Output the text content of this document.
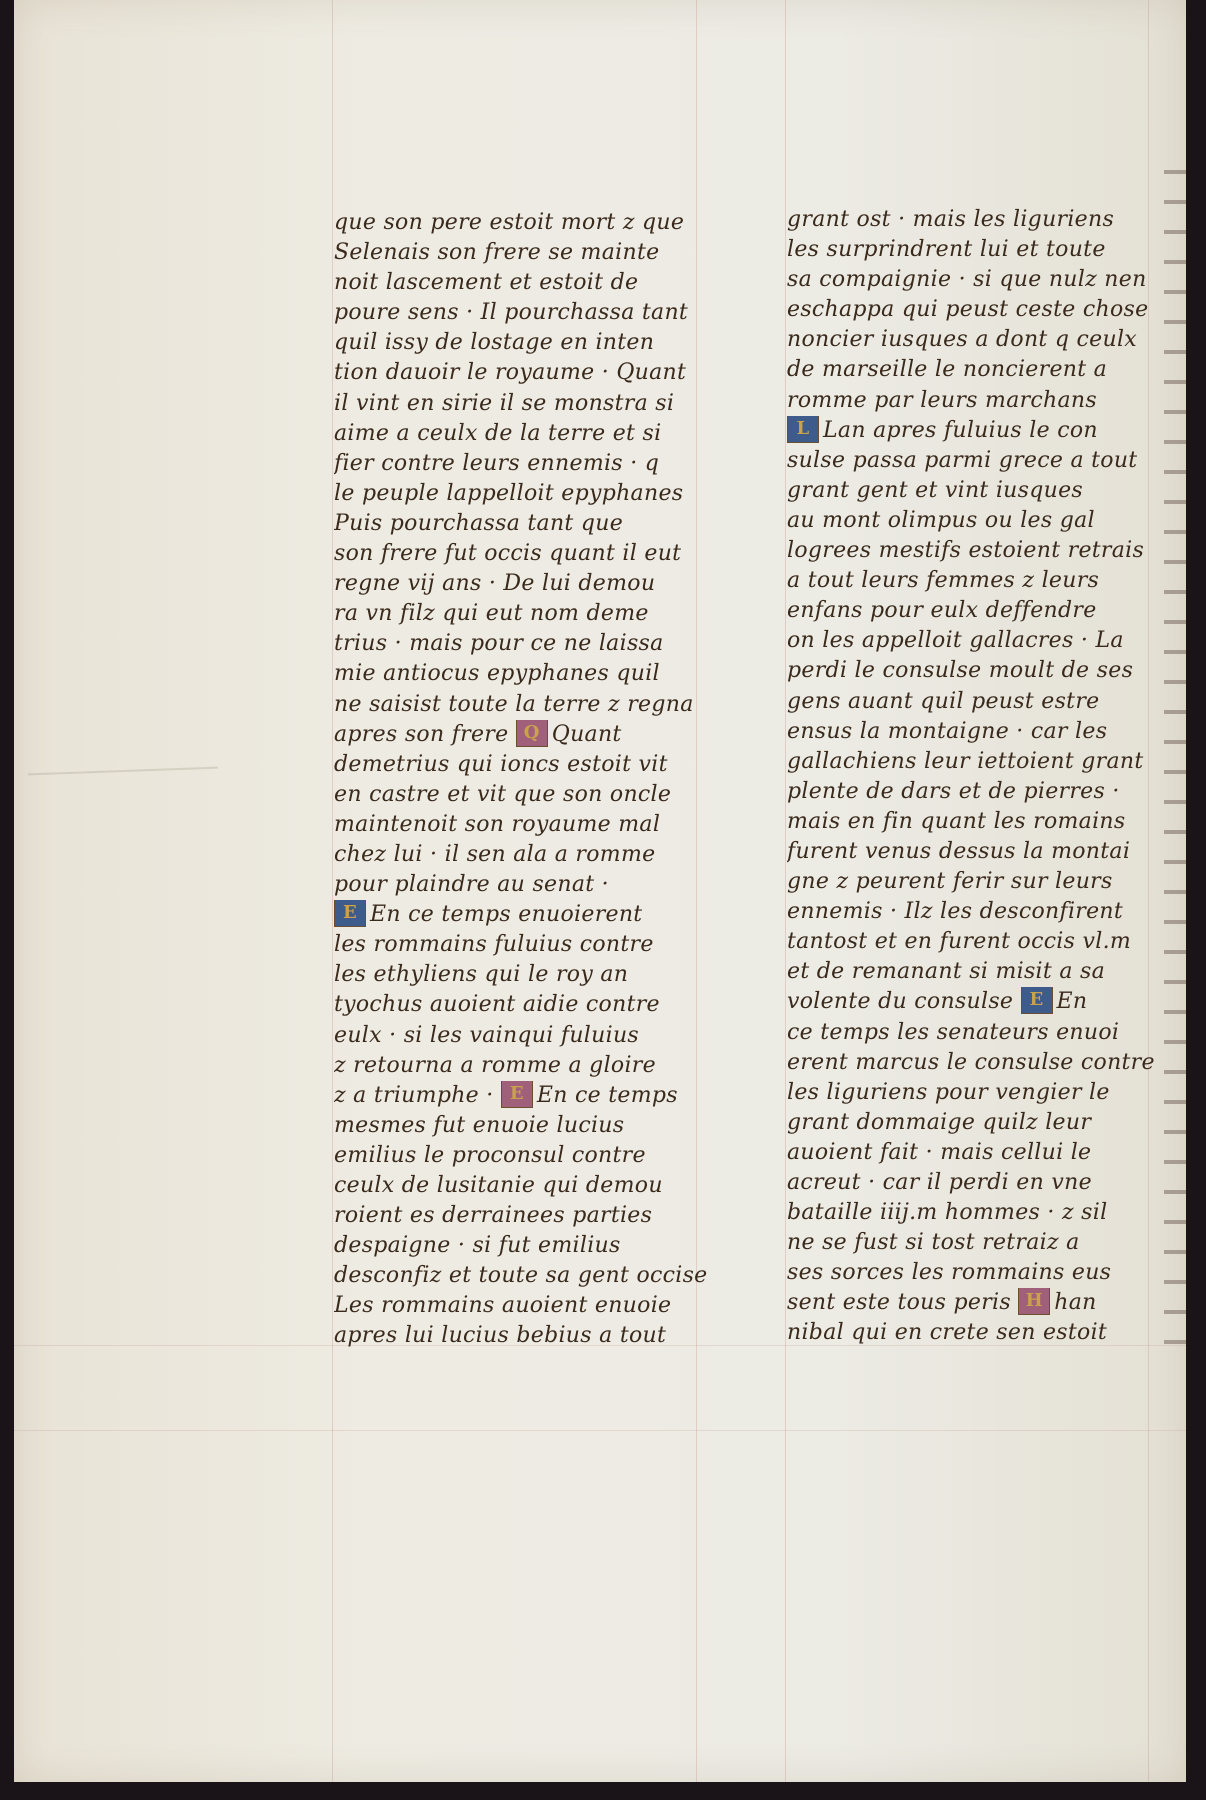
que son pere estoit mort z que
Selenais son frere se mainte
noit lascement et estoit de
poure sens · Il pourchassa tant
quil issy de lostage en inten
tion dauoir le royaume · Quant
il vint en sirie il se monstra si
aime a ceulx de la terre et si
fier contre leurs ennemis · q
le peuple lappelloit epyphanes
Puis pourchassa tant que
son frere fut occis quant il eut
regne vij ans · De lui demou
ra vn filz qui eut nom deme
trius · mais pour ce ne laissa
mie antiocus epyphanes quil
ne saisist toute la terre z regna
apres son frere Q Quant
demetrius qui ioncs estoit vit
en castre et vit que son oncle
maintenoit son royaume mal
chez lui · il sen ala a romme
pour plaindre au senat ·
E En ce temps enuoierent
les rommains fuluius contre
les ethyliens qui le roy an
tyochus auoient aidie contre
eulx · si les vainqui fuluius
z retourna a romme a gloire
z a triumphe · E En ce temps
mesmes fut enuoie lucius
emilius le proconsul contre
ceulx de lusitanie qui demou
roient es derrainees parties
despaigne · si fut emilius
desconfiz et toute sa gent occise
Les rommains auoient enuoie
apres lui lucius bebius a tout
grant ost · mais les liguriens
les surprindrent lui et toute
sa compaignie · si que nulz nen
eschappa qui peust ceste chose
noncier iusques a dont q ceulx
de marseille le noncierent a
romme par leurs marchans
L Lan apres fuluius le con
sulse passa parmi grece a tout
grant gent et vint iusques
au mont olimpus ou les gal
logrees mestifs estoient retrais
a tout leurs femmes z leurs
enfans pour eulx deffendre
on les appelloit gallacres · La
perdi le consulse moult de ses
gens auant quil peust estre
ensus la montaigne · car les
gallachiens leur iettoient grant
plente de dars et de pierres ·
mais en fin quant les romains
furent venus dessus la montai
gne z peurent ferir sur leurs
ennemis · Ilz les desconfirent
tantost et en furent occis vl.m
et de remanant si misit a sa
volente du consulse E En
ce temps les senateurs enuoi
erent marcus le consulse contre
les liguriens pour vengier le
grant dommaige quilz leur
auoient fait · mais cellui le
acreut · car il perdi en vne
bataille iiij.m hommes · z sil
ne se fust si tost retraiz a
ses sorces les rommains eus
sent este tous peris H han
nibal qui en crete sen estoit
